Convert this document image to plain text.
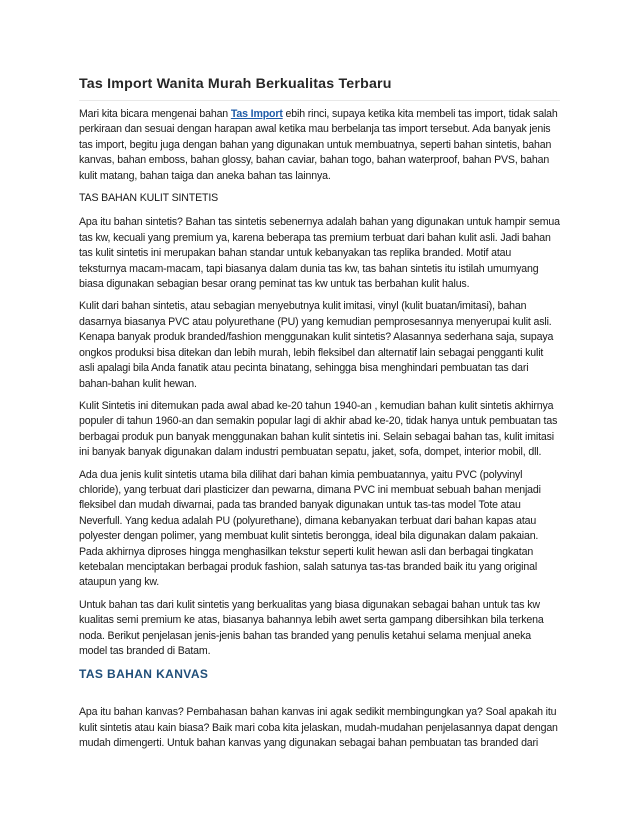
Tas Import Wanita Murah Berkualitas Terbaru

Mari kita bicara mengenai bahan Tas Import ebih rinci, supaya ketika kita membeli tas import, tidak salah perkiraan dan sesuai dengan harapan awal ketika mau berbelanja tas import tersebut. Ada banyak jenis tas import, begitu juga dengan bahan yang digunakan untuk membuatnya, seperti bahan sintetis, bahan kanvas, bahan emboss, bahan glossy, bahan caviar, bahan togo, bahan waterproof, bahan PVS, bahan kulit matang, bahan taiga dan aneka bahan tas lainnya.

TAS BAHAN KULIT SINTETIS

Apa itu bahan sintetis? Bahan tas sintetis sebenernya adalah bahan yang digunakan untuk hampir semua tas kw, kecuali yang premium ya, karena beberapa tas premium terbuat dari bahan kulit asli. Jadi bahan tas kulit sintetis ini merupakan bahan standar untuk kebanyakan tas replika branded. Motif atau teksturnya macam-macam, tapi biasanya dalam dunia tas kw, tas bahan sintetis itu istilah umumyang biasa digunakan sebagian besar orang peminat tas kw untuk tas berbahan kulit halus.

Kulit dari bahan sintetis, atau sebagian menyebutnya kulit imitasi, vinyl (kulit buatan/imitasi), bahan dasarnya biasanya PVC atau polyurethane (PU) yang kemudian pemprosesannya menyerupai kulit asli. Kenapa banyak produk branded/fashion menggunakan kulit sintetis? Alasannya sederhana saja, supaya ongkos produksi bisa ditekan dan lebih murah, lebih fleksibel dan alternatif lain sebagai pengganti kulit asli apalagi bila Anda fanatik atau pecinta binatang, sehingga bisa menghindari pembuatan tas dari bahan-bahan kulit hewan.

Kulit Sintetis ini ditemukan pada awal abad ke-20 tahun 1940-an , kemudian bahan kulit sintetis akhirnya populer di tahun 1960-an dan semakin popular lagi di akhir abad ke-20, tidak hanya untuk pembuatan tas berbagai produk pun banyak menggunakan bahan kulit sintetis ini. Selain sebagai bahan tas, kulit imitasi ini banyak banyak digunakan dalam industri pembuatan sepatu, jaket, sofa, dompet, interior mobil, dll.

Ada dua jenis kulit sintetis utama bila dilihat dari bahan kimia pembuatannya, yaitu PVC (polyvinyl chloride), yang terbuat dari plasticizer dan pewarna, dimana PVC ini membuat sebuah bahan menjadi fleksibel dan mudah diwarnai, pada tas branded banyak digunakan untuk tas-tas model Tote atau Neverfull. Yang kedua adalah PU (polyurethane), dimana kebanyakan terbuat dari bahan kapas atau polyester dengan polimer, yang membuat kulit sintetis berongga, ideal bila digunakan dalam pakaian. Pada akhirnya diproses hingga menghasilkan tekstur seperti kulit hewan asli dan berbagai tingkatan ketebalan menciptakan berbagai produk fashion, salah satunya tas-tas branded baik itu yang original ataupun yang kw.

Untuk bahan tas dari kulit sintetis yang berkualitas yang biasa digunakan sebagai bahan untuk tas kw kualitas semi premium ke atas, biasanya bahannya lebih awet serta gampang dibersihkan bila terkena noda. Berikut penjelasan jenis-jenis bahan tas branded yang penulis ketahui selama menjual aneka model tas branded di Batam.

TAS BAHAN KANVAS

Apa itu bahan kanvas? Pembahasan bahan kanvas ini agak sedikit membingungkan ya? Soal apakah itu kulit sintetis atau kain biasa? Baik mari coba kita jelaskan, mudah-mudahan penjelasannya dapat dengan mudah dimengerti. Untuk bahan kanvas yang digunakan sebagai bahan pembuatan tas branded dari
